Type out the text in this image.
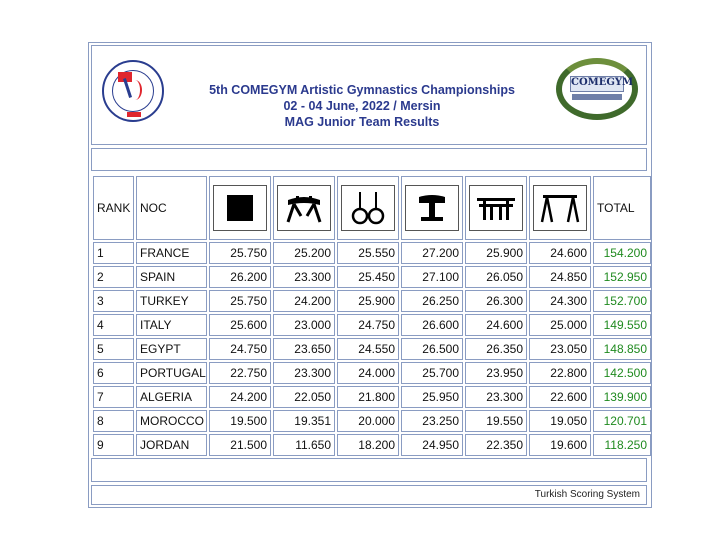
5th COMEGYM Artistic Gymnastics Championships
02 - 04 June, 2022 / Mersin
MAG Junior Team Results
COMEGYM
RANK	NOC							TOTAL
1	FRANCE	25.750	25.200	25.550	27.200	25.900	24.600	154.200
2	SPAIN	26.200	23.300	25.450	27.100	26.050	24.850	152.950
3	TURKEY	25.750	24.200	25.900	26.250	26.300	24.300	152.700
4	ITALY	25.600	23.000	24.750	26.600	24.600	25.000	149.550
5	EGYPT	24.750	23.650	24.550	26.500	26.350	23.050	148.850
6	PORTUGAL	22.750	23.300	24.000	25.700	23.950	22.800	142.500
7	ALGERIA	24.200	22.050	21.800	25.950	23.300	22.600	139.900
8	MOROCCO	19.500	19.351	20.000	23.250	19.550	19.050	120.701
9	JORDAN	21.500	11.650	18.200	24.950	22.350	19.600	118.250
Turkish Scoring System
